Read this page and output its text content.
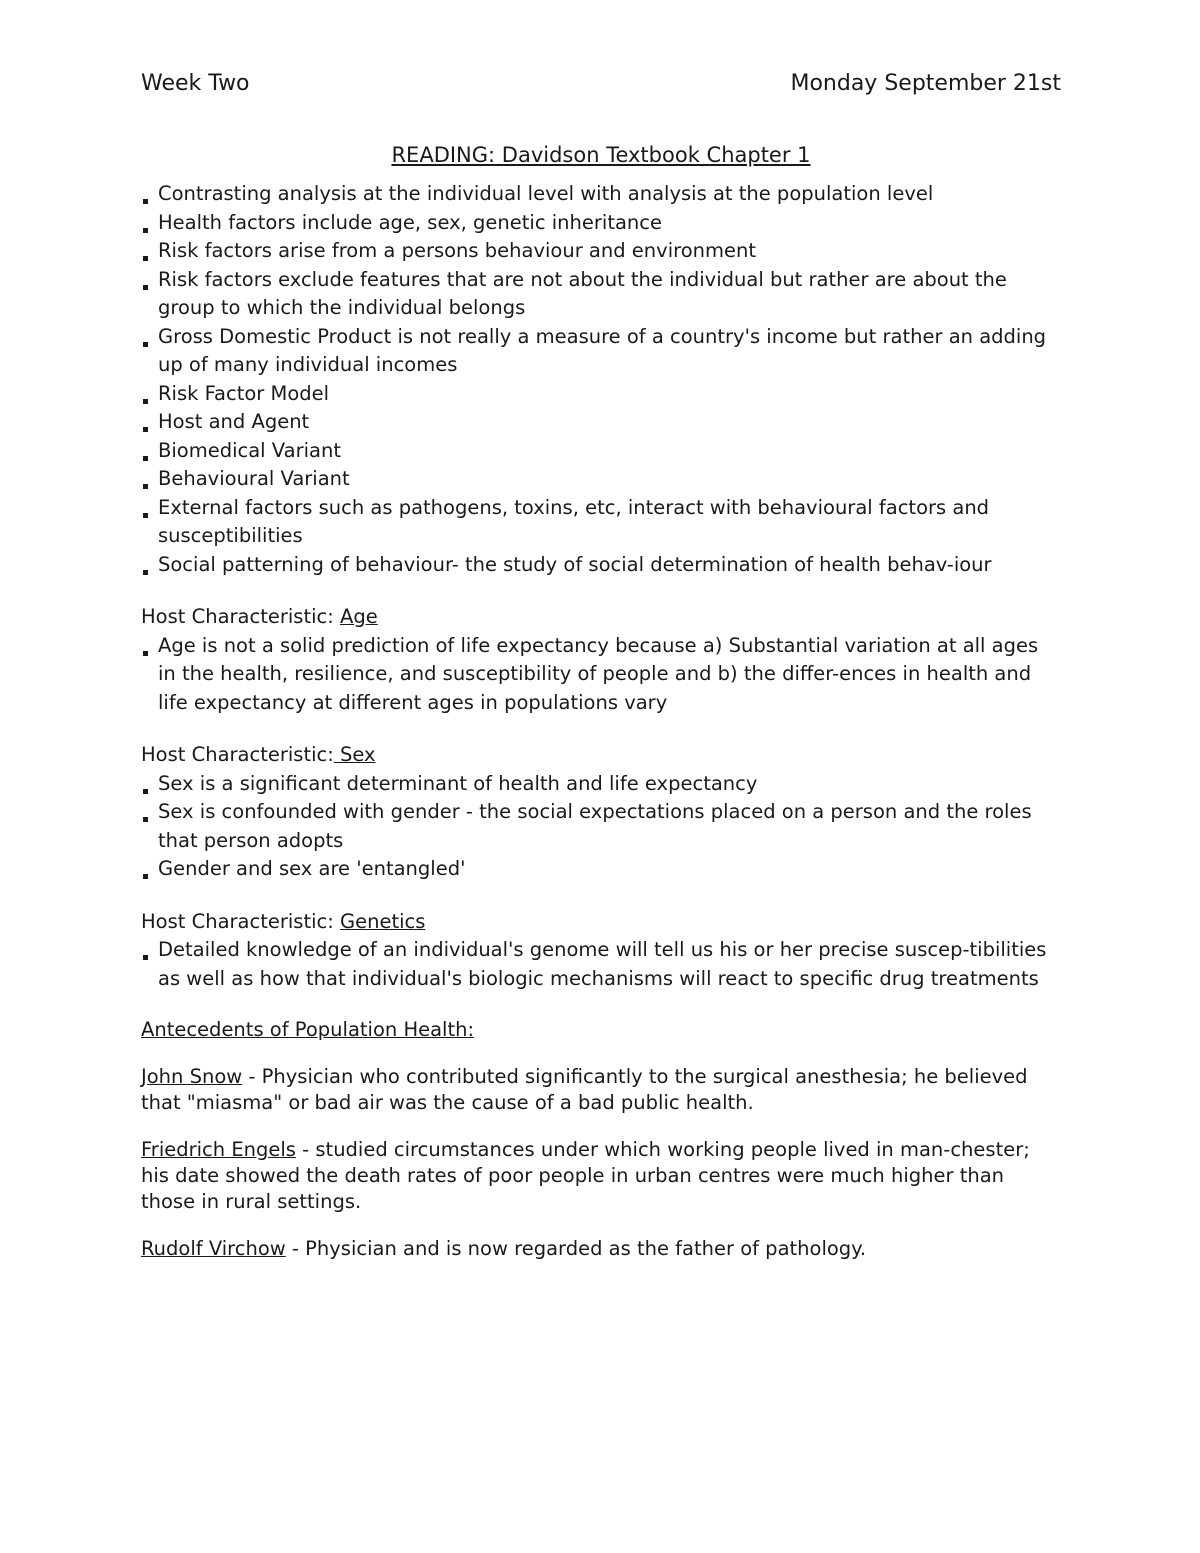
Week Two	Monday September 21st
READING: Davidson Textbook Chapter 1
Contrasting analysis at the individual level with analysis at the population level
Health factors include age, sex, genetic inheritance
Risk factors arise from a persons behaviour and environment
Risk factors exclude features that are not about the individual but rather are about the group to which the individual belongs
Gross Domestic Product is not really a measure of a country's income but rather an adding up of many individual incomes
Risk Factor Model
Host and Agent
Biomedical Variant
Behavioural Variant
External factors such as pathogens, toxins, etc, interact with behavioural factors and susceptibilities
Social patterning of behaviour- the study of social determination of health behav-iour
Host Characteristic: Age
Age is not a solid prediction of life expectancy because a) Substantial variation at all ages in the health, resilience, and susceptibility of people and b) the differ-ences in health and life expectancy at different ages in populations vary
Host Characteristic: Sex
Sex is a significant determinant of health and life expectancy
Sex is confounded with gender - the social expectations placed on a person and the roles that person adopts
Gender and sex are 'entangled'
Host Characteristic: Genetics
Detailed knowledge of an individual's genome will tell us his or her precise suscep-tibilities as well as how that individual's biologic mechanisms will react to specific drug treatments
Antecedents of Population Health:
John Snow - Physician who contributed significantly to the surgical anesthesia; he believed that "miasma" or bad air was the cause of a bad public health.
Friedrich Engels - studied circumstances under which working people lived in man-chester; his date showed the death rates of poor people in urban centres were much higher than those in rural settings.
Rudolf Virchow - Physician and is now regarded as the father of pathology.
